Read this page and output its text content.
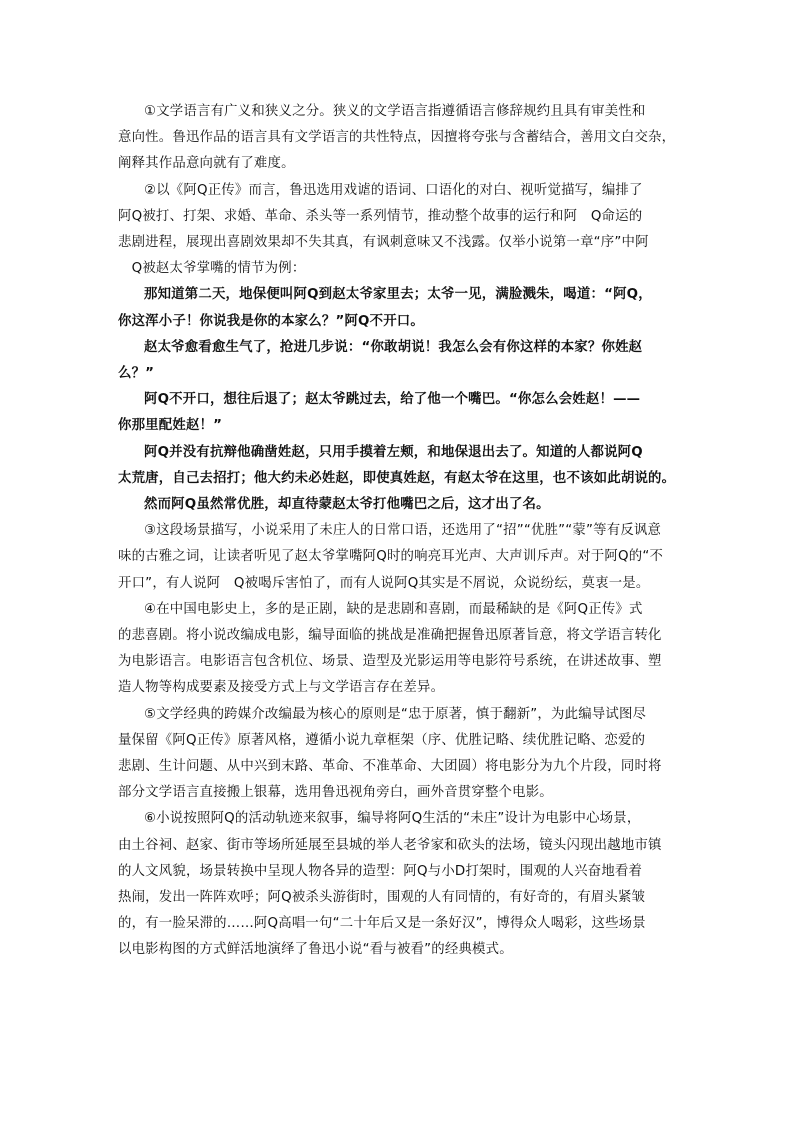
①文学语言有广义和狭义之分。狭义的文学语言指遵循语言修辞规约且具有审美性和
意向性。鲁迅作品的语言具有文学语言的共性特点，因擅将夸张与含蓄结合，善用文白交杂，
阐释其作品意向就有了难度。
②以《阿Q正传》而言，鲁迅选用戏谑的语词、口语化的对白、视听觉描写，编排了
阿Q被打、打架、求婚、革命、杀头等一系列情节，推动整个故事的运行和阿　Q命运的
悲剧进程，展现出喜剧效果却不失其真，有讽刺意味又不浅露。仅举小说第一章“序”中阿
　Q被赵太爷掌嘴的情节为例：
那知道第二天，地保便叫阿Q到赵太爷家里去；太爷一见，满脸溅朱，喝道：“阿Q，
你这浑小子！你说我是你的本家么？”阿Q不开口。
赵太爷愈看愈生气了，抢进几步说：“你敢胡说！我怎么会有你这样的本家？你姓赵
么？”
阿Q不开口，想往后退了；赵太爷跳过去，给了他一个嘴巴。“你怎么会姓赵！——
你那里配姓赵！”
阿Q并没有抗辩他确凿姓赵，只用手摸着左颊，和地保退出去了。知道的人都说阿Q
太荒唐，自己去招打；他大约未必姓赵，即使真姓赵，有赵太爷在这里，也不该如此胡说的。
然而阿Q虽然常优胜，却直待蒙赵太爷打他嘴巴之后，这才出了名。
③这段场景描写，小说采用了未庄人的日常口语，还选用了“招”“优胜”“蒙”等有反讽意
味的古雅之词，让读者听见了赵太爷掌嘴阿Q时的响亮耳光声、大声训斥声。对于阿Q的“不
开口”，有人说阿　Q被喝斥害怕了，而有人说阿Q其实是不屑说，众说纷纭，莫衷一是。
④在中国电影史上，多的是正剧，缺的是悲剧和喜剧，而最稀缺的是《阿Q正传》式
的悲喜剧。将小说改编成电影，编导面临的挑战是准确把握鲁迅原著旨意，将文学语言转化
为电影语言。电影语言包含机位、场景、造型及光影运用等电影符号系统，在讲述故事、塑
造人物等构成要素及接受方式上与文学语言存在差异。
⑤文学经典的跨媒介改编最为核心的原则是“忠于原著，慎于翻新”，为此编导试图尽
量保留《阿Q正传》原著风格，遵循小说九章框架（序、优胜记略、续优胜记略、恋爱的
悲剧、生计问题、从中兴到末路、革命、不准革命、大团圆）将电影分为九个片段，同时将
部分文学语言直接搬上银幕，选用鲁迅视角旁白，画外音贯穿整个电影。
⑥小说按照阿Q的活动轨迹来叙事，编导将阿Q生活的“未庄”设计为电影中心场景，
由土谷祠、赵家、街市等场所延展至县城的举人老爷家和砍头的法场，镜头闪现出越地市镇
的人文风貌，场景转换中呈现人物各异的造型：阿Q与小D打架时，围观的人兴奋地看着
热闹，发出一阵阵欢呼；阿Q被杀头游街时，围观的人有同情的，有好奇的，有眉头紧皱
的，有一脸呆滞的……阿Q高唱一句“二十年后又是一条好汉”，博得众人喝彩，这些场景
以电影构图的方式鲜活地演绎了鲁迅小说“看与被看”的经典模式。
